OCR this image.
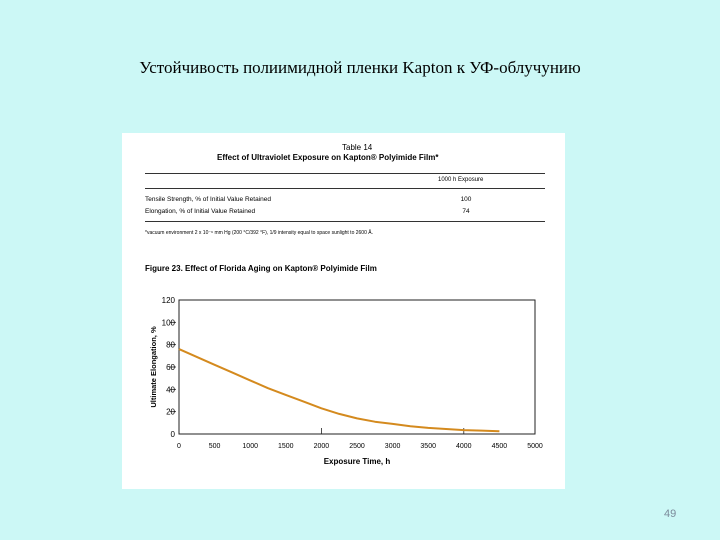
Устойчивость полиимидной пленки Kapton к УФ-облучунию
Table 14
Effect of Ultraviolet Exposure on Kapton® Polyimide Film*
1000 h Exposure
Tensile Strength, % of Initial Value Retained	100
Elongation, % of Initial Value Retained	74
*vacuum environment 2 x 10⁻⁶ mm Hg (200 °C/392 °F), 1/9 intensity equal to space sunlight to 2600 Å.
Figure 23. Effect of Florida Aging on Kapton® Polyimide Film
0
20
40
60
80
100
120
0	500	1000	1500	2000	2500	3000	3500	4000	4500	5000
Exposure Time, h
Ultimate Elongation, %
49
